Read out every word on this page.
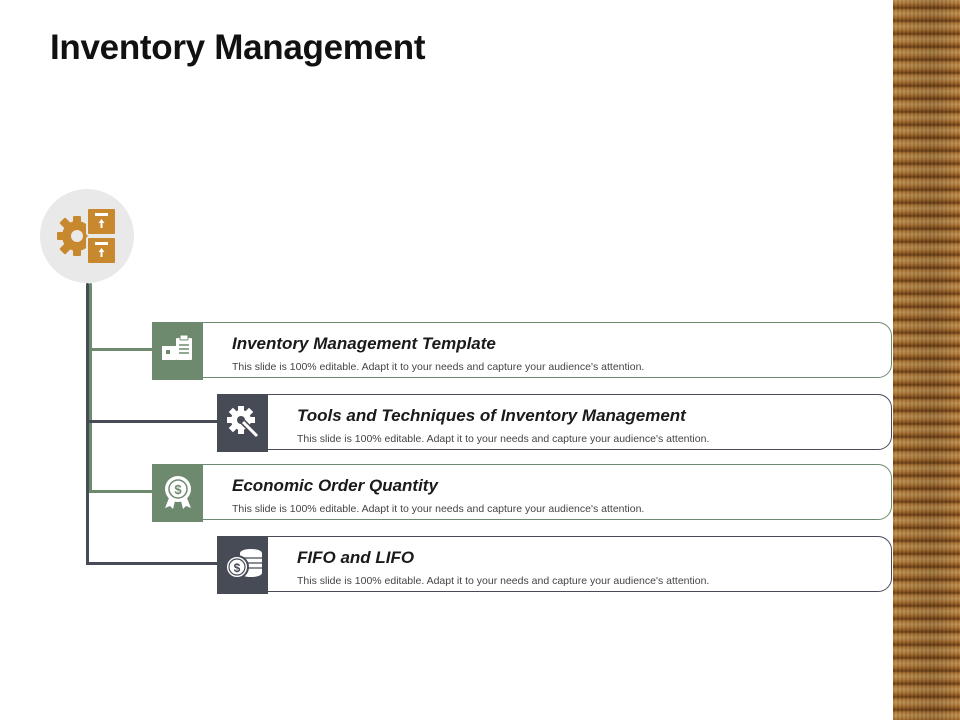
Inventory Management
Inventory Management Template
This slide is 100% editable. Adapt it to your needs and capture your audience's attention.
Tools and Techniques of Inventory Management
This slide is 100% editable. Adapt it to your needs and capture your audience's attention.
$	Economic Order Quantity
This slide is 100% editable. Adapt it to your needs and capture your audience's attention.
$
FIFO and LIFO
This slide is 100% editable. Adapt it to your needs and capture your audience's attention.
